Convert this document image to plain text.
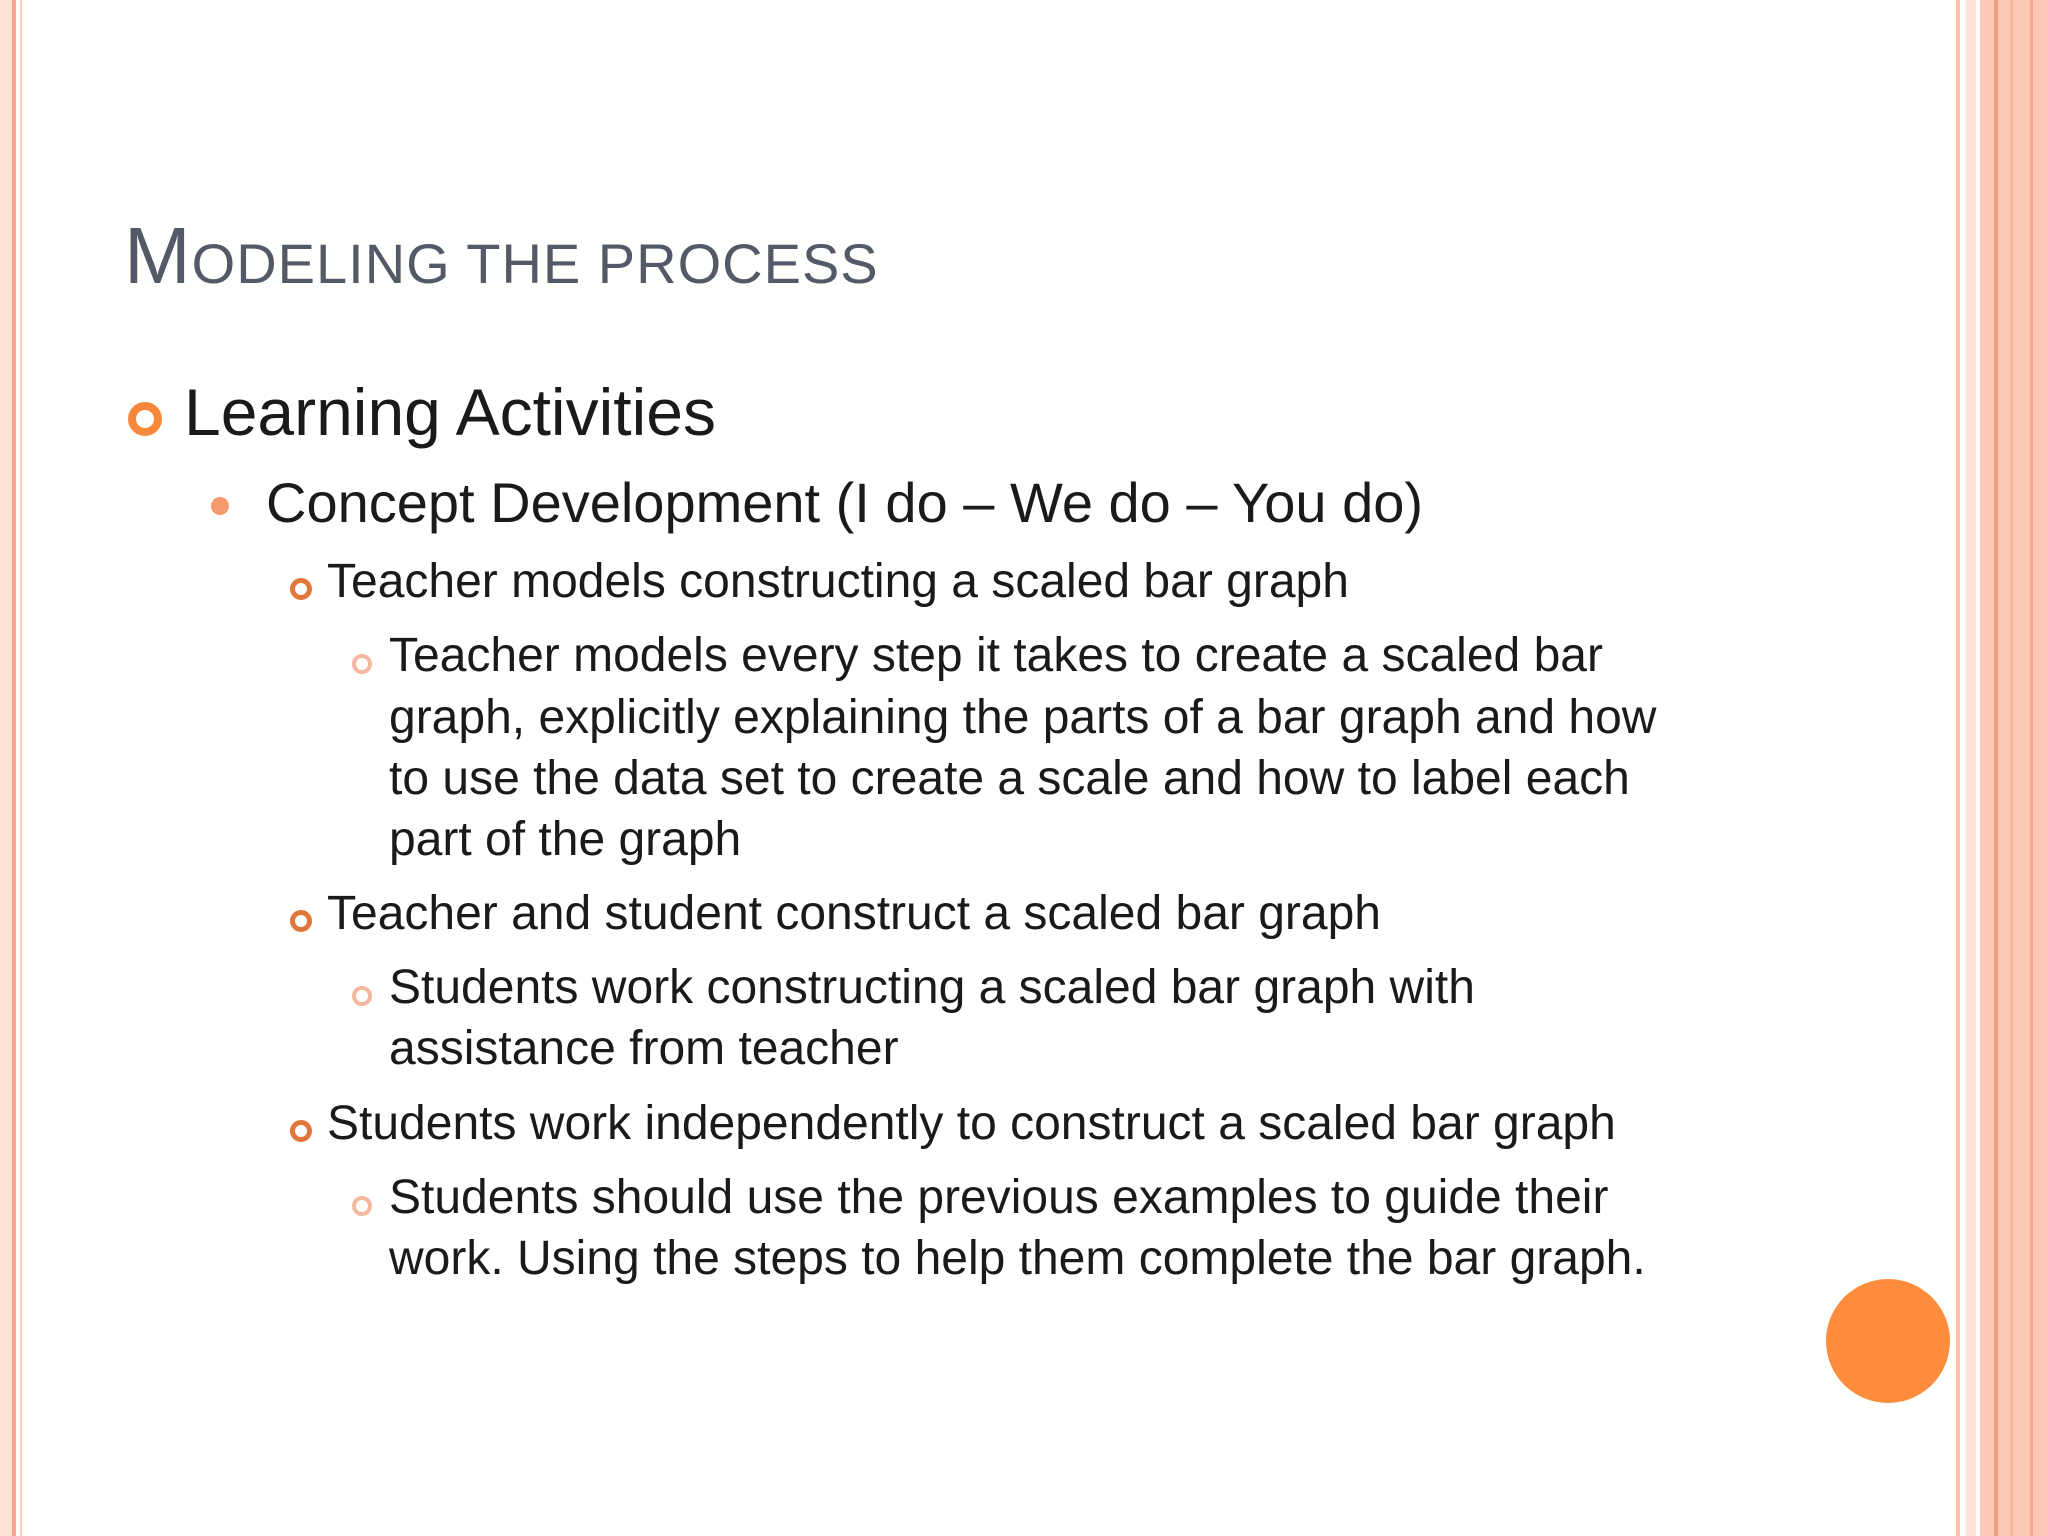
MODELING THE PROCESS
Learning Activities
Concept Development (I do – We do – You do)
Teacher models constructing a scaled bar graph
Teacher models every step it takes to create a scaled bar
graph, explicitly explaining the parts of a bar graph and how
to use the data set to create a scale and how to label each
part of the graph
Teacher and student construct a scaled bar graph
Students work constructing a scaled bar graph with
assistance from teacher
Students work independently to construct a scaled bar graph
Students should use the previous examples to guide their
work. Using the steps to help them complete the bar graph.
